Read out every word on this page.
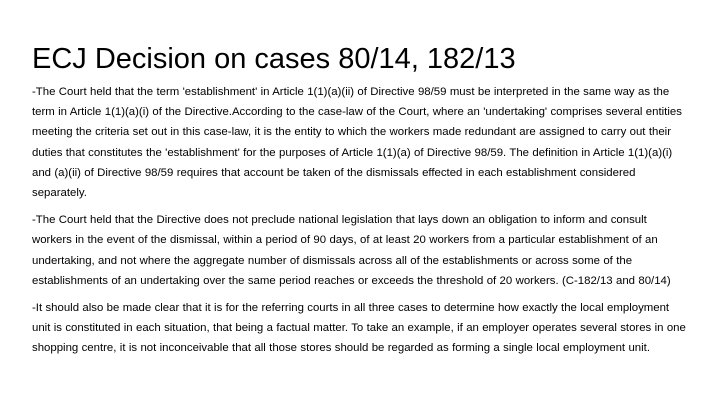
ECJ Decision on cases 80/14, 182/13

-The Court held that the term 'establishment' in Article 1(1)(a)(ii) of Directive 98/59 must be interpreted in the same way as the term in Article 1(1)(a)(i) of the Directive.According to the case-law of the Court, where an 'undertaking' comprises several entities meeting the criteria set out in this case-law, it is the entity to which the workers made redundant are assigned to carry out their duties that constitutes the 'establishment' for the purposes of Article 1(1)(a) of Directive 98/59. The definition in Article 1(1)(a)(i) and (a)(ii) of Directive 98/59 requires that account be taken of the dismissals effected in each establishment considered separately.

-The Court held that the Directive does not preclude national legislation that lays down an obligation to inform and consult workers in the event of the dismissal, within a period of 90 days, of at least 20 workers from a particular establishment of an undertaking, and not where the aggregate number of dismissals across all of the establishments or across some of the establishments of an undertaking over the same period reaches or exceeds the threshold of 20 workers. (C-182/13 and 80/14)

-It should also be made clear that it is for the referring courts in all three cases to determine how exactly the local employment unit is constituted in each situation, that being a factual matter. To take an example, if an employer operates several stores in one shopping centre, it is not inconceivable that all those stores should be regarded as forming a single local employment unit.
